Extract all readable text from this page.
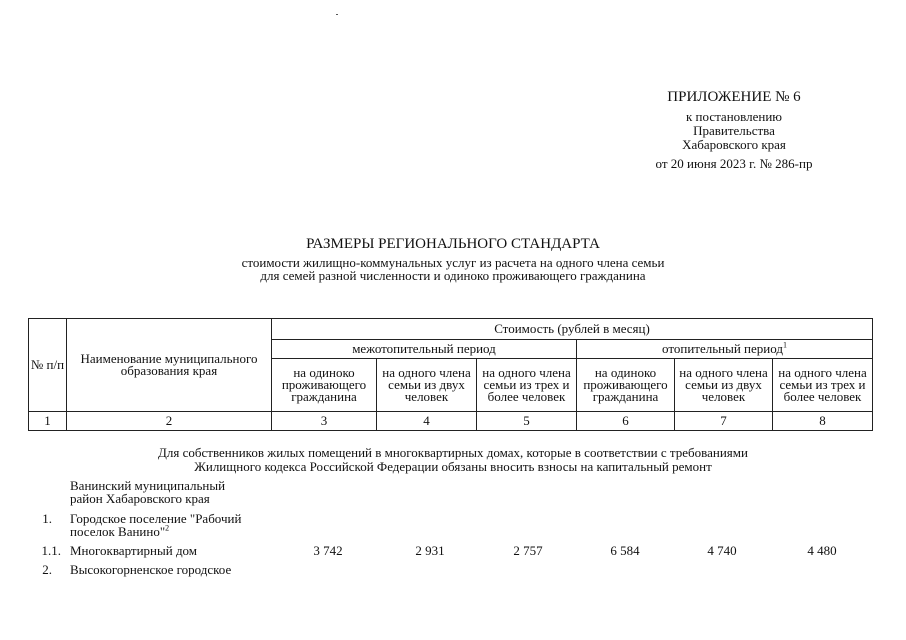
ПРИЛОЖЕНИЕ № 6
к постановлению
Правительства
Хабаровского края
от 20 июня 2023 г. № 286-пр
РАЗМЕРЫ РЕГИОНАЛЬНОГО СТАНДАРТА
стоимости жилищно-коммунальных услуг из расчета на одного члена семьи
для семей разной численности и одиноко проживающего гражданина
№ п/п	Наименование муниципального образования края	Стоимость (рублей в месяц)					
		межотопительный период			отопительный период$^1$
		на одиноко проживающего гражданина	на одного члена семьи из двух человек	на одного члена семьи из трех и более человек	на одиноко проживающего гражданина	на одного члена семьи из двух человек	на одного члена семьи из трех и более человек
1	2	3	4	5	6	7	8
Для собственников жилых помещений в многоквартирных домах, которые в соответствии с требованиями
Жилищного кодекса Российской Федерации обязаны вносить взносы на капитальный ремонт
Ванинский муниципальный
район Хабаровского края
1. Городское поселение "Рабочий
поселок Ванино"$^2$
1.1. Многоквартирный дом	3 742	2 931	2 757	6 584	4 740	4 480
2. Высокогорненское городское
